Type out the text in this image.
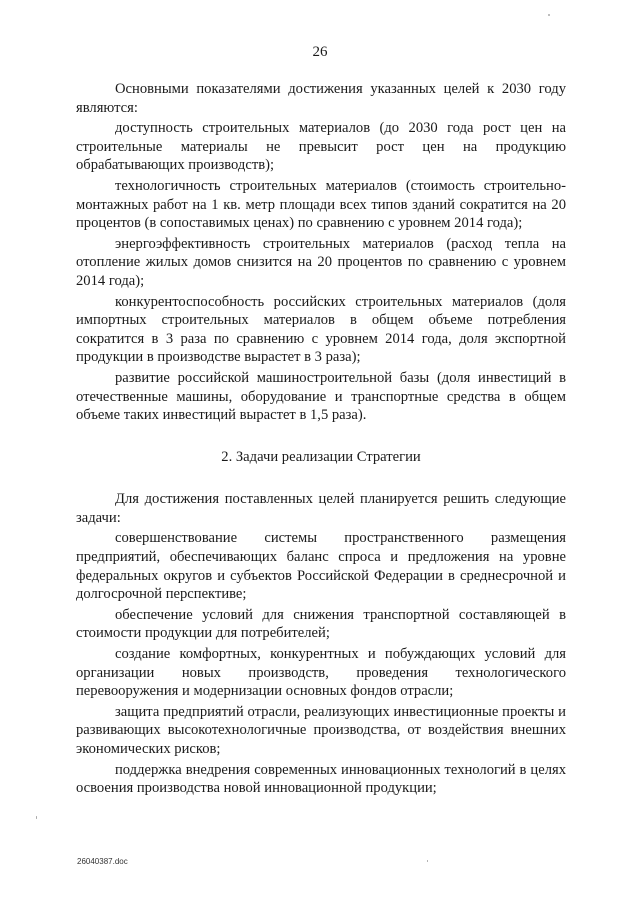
26

Основными показателями достижения указанных целей к 2030 году являются:

доступность строительных материалов (до 2030 года рост цен на строительные материалы не превысит рост цен на продукцию обрабатывающих производств);

технологичность строительных материалов (стоимость строительно-монтажных работ на 1 кв. метр площади всех типов зданий сократится на 20 процентов (в сопоставимых ценах) по сравнению с уровнем 2014 года);

энергоэффективность строительных материалов (расход тепла на отопление жилых домов снизится на 20 процентов по сравнению с уровнем 2014 года);

конкурентоспособность российских строительных материалов (доля импортных строительных материалов в общем объеме потребления сократится в 3 раза по сравнению с уровнем 2014 года, доля экспортной продукции в производстве вырастет в 3 раза);

развитие российской машиностроительной базы (доля инвестиций в отечественные машины, оборудование и транспортные средства в общем объеме таких инвестиций вырастет в 1,5 раза).

2. Задачи реализации Стратегии

Для достижения поставленных целей планируется решить следующие задачи:

совершенствование системы пространственного размещения предприятий, обеспечивающих баланс спроса и предложения на уровне федеральных округов и субъектов Российской Федерации в среднесрочной и долгосрочной перспективе;

обеспечение условий для снижения транспортной составляющей в стоимости продукции для потребителей;

создание комфортных, конкурентных и побуждающих условий для организации новых производств, проведения технологического перевооружения и модернизации основных фондов отрасли;

защита предприятий отрасли, реализующих инвестиционные проекты и развивающих высокотехнологичные производства, от воздействия внешних экономических рисков;

поддержка внедрения современных инновационных технологий в целях освоения производства новой инновационной продукции;

26040387.doc
